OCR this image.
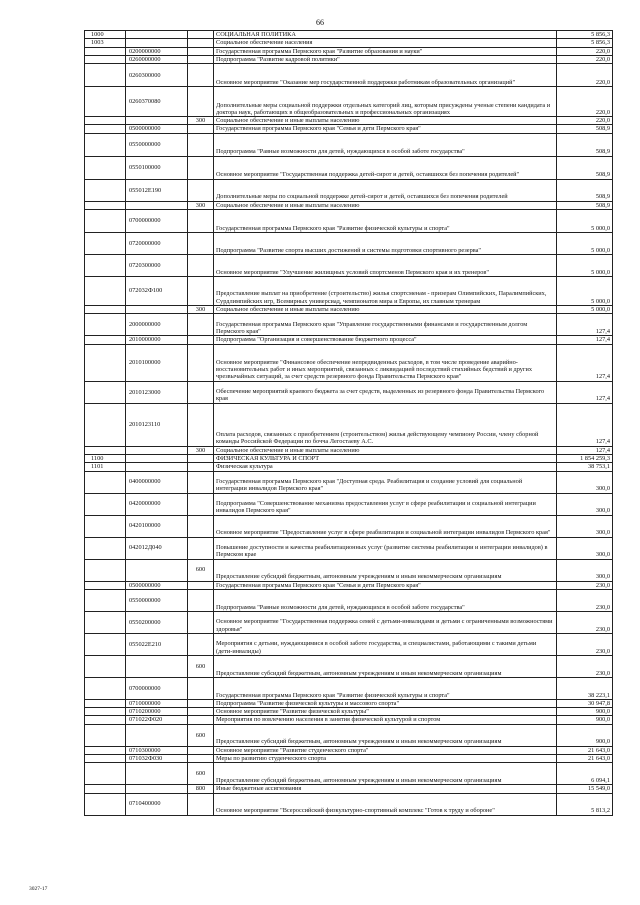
66
1000			СОЦИАЛЬНАЯ ПОЛИТИКА	5 856,3
1003			Социальное обеспечение населения	5 856,3
	0200000000		Государственная программа Пермского края "Развитие образования и науки"	220,0
	0260000000		Подпрограмма "Развитие кадровой политики"	220,0
	0260300000		Основное мероприятие "Оказание мер государственной поддержки работникам образовательных организаций"	220,0
	0260370080		Дополнительные меры социальной поддержки отдельных категорий лиц, которым присуждены ученые степени кандидата и доктора наук, работающих в общеобразовательных и профессиональных организациях	220,0
		300	Социальное обеспечение и иные выплаты населению	220,0
	0500000000		Государственная программа Пермского края "Семья и дети Пермского края"	508,9
	0550000000		Подпрограмма "Равные возможности для детей, нуждающихся в особой заботе государства"	508,9
	0550100000		Основное мероприятие "Государственная поддержка детей-сирот и детей, оставшихся без попечения родителей"	508,9
	055012Е190		Дополнительные меры по социальной поддержке детей-сирот и детей, оставшихся без попечения родителей	508,9
		300	Социальное обеспечение и иные выплаты населению	508,9
	0700000000		Государственная программа Пермского края "Развитие физической культуры и спорта"	5 000,0
	0720000000		Подпрограмма "Развитие спорта высших достижений и системы подготовки спортивного резерва"	5 000,0
	0720300000		Основное мероприятие "Улучшение жилищных условий спортсменов Пермского края и их тренеров"	5 000,0
	072032Ф100		Предоставление выплат на приобретение (строительство) жилья спортсменам - призерам Олимпийских, Паралимпийских, Сурдлимпийских игр, Всемирных универсиад, чемпионатов мира и Европы, их главным тренерам	5 000,0
		300	Социальное обеспечение и иные выплаты населению	5 000,0
	2000000000		Государственная программа Пермского края "Управление государственными финансами и государственным долгом Пермского края"	127,4
	2010000000		Подпрограмма "Организация и совершенствование бюджетного процесса"	127,4
	2010100000		Основное мероприятие "Финансовое обеспечение непредвиденных расходов, в том числе проведение аварийно-восстановительных работ и иных мероприятий, связанных с ликвидацией последствий стихийных бедствий и других чрезвычайных ситуаций, за счет средств резервного фонда Правительства Пермского края"	127,4
	2010123000		Обеспечение мероприятий краевого бюджета за счет средств, выделенных из резервного фонда Правительства Пермского края	127,4
	2010123110		Оплата расходов, связанных с приобретением (строительством) жилья действующему чемпиону России, члену сборной команды Российской Федерации по бочча Легостаеву А.С.	127,4
		300	Социальное обеспечение и иные выплаты населению	127,4
1100			ФИЗИЧЕСКАЯ КУЛЬТУРА И СПОРТ	1 854 259,3
1101			Физическая культура	38 753,1
	0400000000		Государственная программа Пермского края "Доступная среда. Реабилитация и создание условий для социальной интеграции инвалидов Пермского края"	300,0
	0420000000		Подпрограмма "Совершенствование механизма предоставления услуг в сфере реабилитации и социальной интеграции инвалидов Пермского края"	300,0
	0420100000		Основное мероприятие "Предоставление услуг в сфере реабилитации и социальной интеграции инвалидов Пермского края"	300,0
	042012Д040		Повышение доступности и качества реабилитационных услуг (развитие системы реабилитации и интеграции инвалидов) в Пермском крае	300,0
		600	Предоставление субсидий бюджетным, автономным учреждениям и иным некоммерческим организациям	300,0
	0500000000		Государственная программа Пермского края "Семья и дети Пермского края"	230,0
	0550000000		Подпрограмма "Равные возможности для детей, нуждающихся в особой заботе государства"	230,0
	0550200000		Основное мероприятие "Государственная поддержка семей с детьми-инвалидами и детьми с ограниченными возможностями здоровья"	230,0
	055022Е210		Мероприятия с детьми, нуждающимися в особой заботе государства, и специалистами, работающими с такими детьми (дети-инвалиды)	230,0
		600	Предоставление субсидий бюджетным, автономным учреждениям и иным некоммерческим организациям	230,0
	0700000000		Государственная программа Пермского края "Развитие физической культуры и спорта"	38 223,1
	0710000000		Подпрограмма "Развитие физической культуры и массового спорта"	30 947,8
	0710200000		Основное мероприятие "Развитие физической культуры"	900,0
	071022Ф020		Мероприятия по вовлечению населения в занятия физической культурой и спортом	900,0
		600	Предоставление субсидий бюджетным, автономным учреждениям и иным некоммерческим организациям	900,0
	0710300000		Основное мероприятие "Развитие студенческого спорта"	21 643,0
	071032Ф030		Меры по развитию студенческого спорта	21 643,0
		600	Предоставление субсидий бюджетным, автономным учреждениям и иным некоммерческим организациям	6 094,1
		800	Иные бюджетные ассигнования	15 549,0
	0710400000		Основное мероприятие "Всероссийский физкультурно-спортивный комплекс "Готов к труду и обороне"	5 813,2
3027-17
